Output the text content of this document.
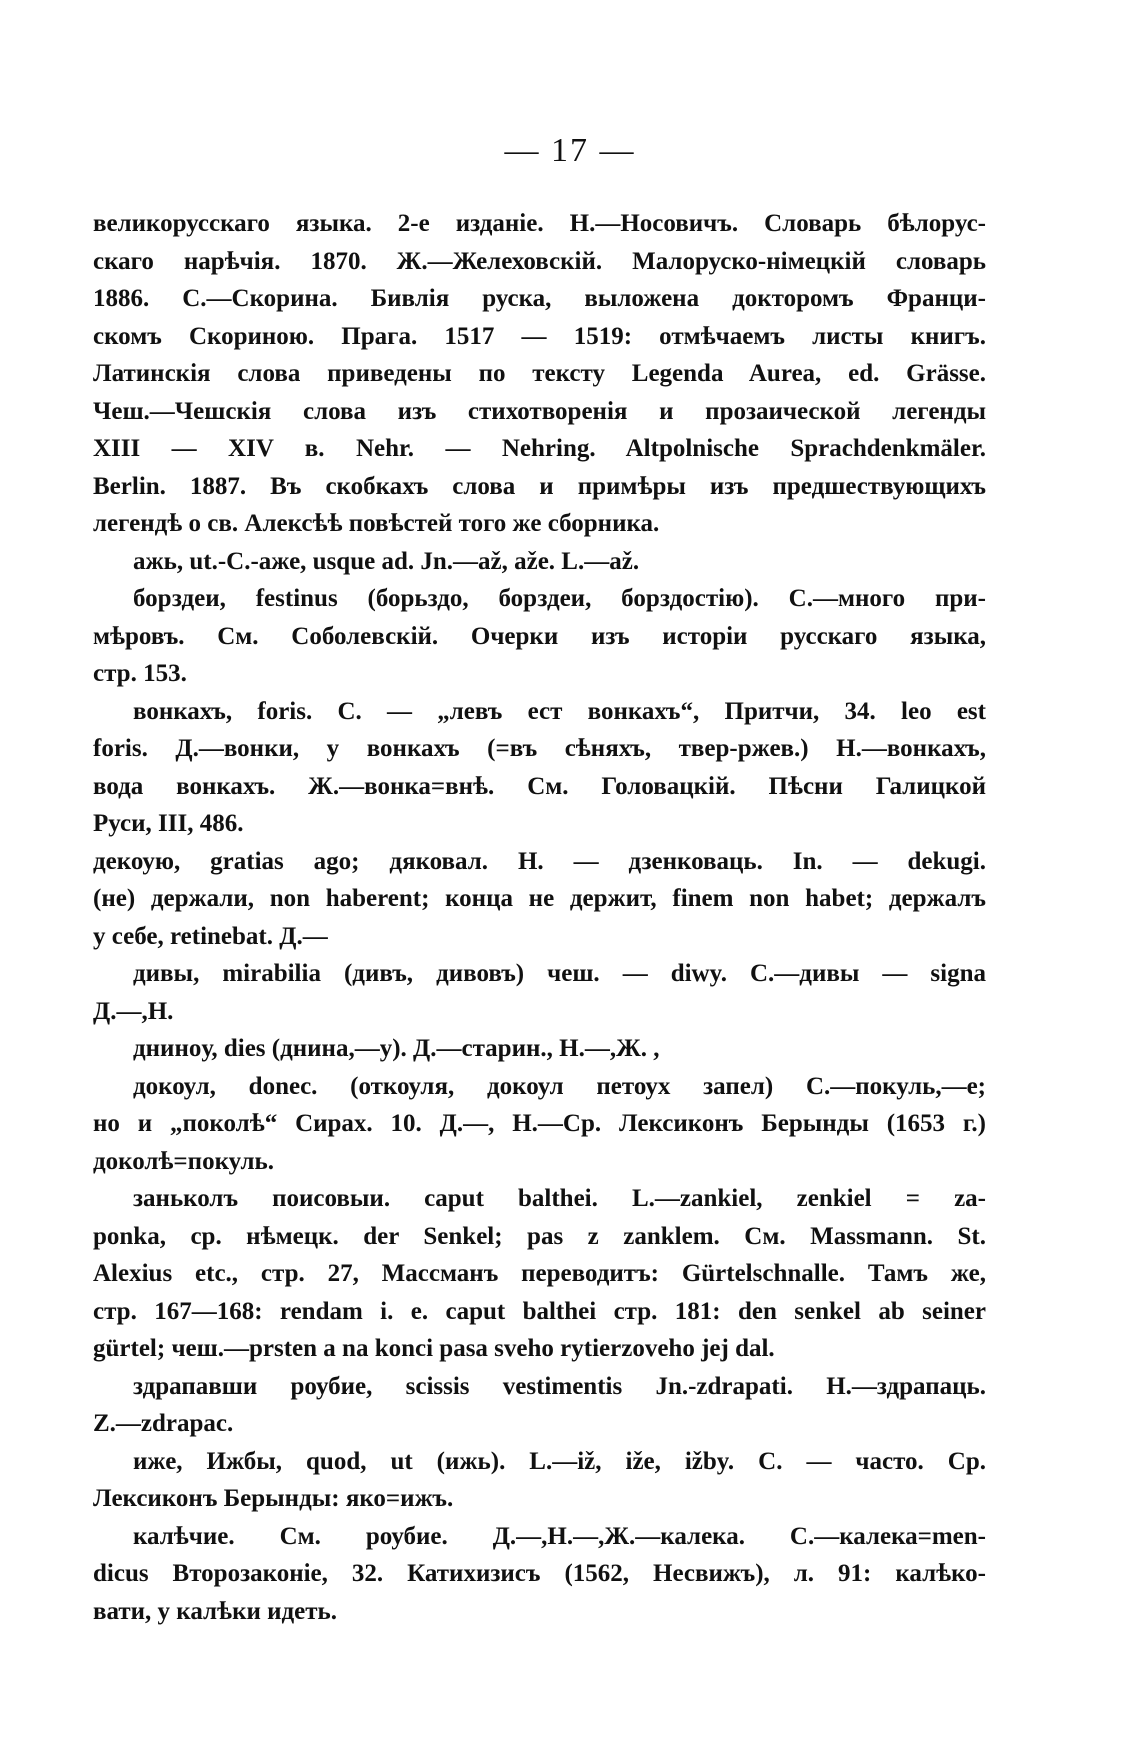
— 17 —
великорусскаго языка. 2-е изданіе. Н.—Носовичъ. Словарь бѣлорус-
скаго нарѣчія. 1870. Ж.—Желеховскій. Малоруско-нiмецкiй словарь
1886. С.—Скорина. Бивлiя руска, выложена докторомъ Франци-
скомъ Скориною. Прага. 1517 — 1519: отмѣчаемъ листы книгъ.
Латинскія слова приведены по тексту Legenda Aurea, ed. Grässe.
Чеш.—Чешскія слова изъ стихотворенія и прозаической легенды
XIII — XIV в. Nehr. — Nehring. Altpolnische Sprachdenkmäler.
Berlin. 1887. Въ скобкахъ слова и примѣры изъ предшествующихъ
легендѣ о св. Алексѣѣ повѣстей того же сборника.
ажь, ut.-C.-аже, usque ad. Jn.—až, aže. L.—až.
борздеи, festinus (борьздо, борздеи, борздостію). С.—много при-
мѣровъ. См. Соболевскій. Очерки изъ исторіи русскаго языка,
стр. 153.
вонкахъ, foris. С. — „левъ ест вонкахъ“, Притчи, 34. leo est
foris. Д.—вонки, у вонкахъ (=въ сѣняхъ, твер-ржев.) Н.—вонкахъ,
вода вонкахъ. Ж.—вонка=внѣ. См. Головацкій. Пѣсни Галицкой
Руси, III, 486.
декоую, gratias ago; дяковал. Н. — дзенковаць. In. — dekugi.
(не) держали, non haberent; конца не держит, finem non habet; держалъ
у себе, retinebat. Д.—
дивы, mirabilia (дивъ, дивовъ) чеш. — diwy. С.—дивы — signa
Д.—,Н.
днинoу, dies (днина,—у). Д.—старин., Н.—,Ж. ,
докоул, donec. (откоуля, докоул петоух запел) С.—покуль,—е;
но и „поколѣ“ Сирах. 10. Д.—, Н.—Ср. Лексиконъ Берынды (1653 г.)
доколѣ=покуль.
заньколъ поисовыи. caput balthei. L.—zankiel, zenkiel = za-
ponka, ср. нѣмецк. der Senkel; pas z zanklem. См. Massmann. St.
Alexius etc., стр. 27, Массманъ переводитъ: Gürtelschnalle. Тамъ же,
стр. 167—168: rendam i. e. caput balthei стр. 181: den senkel ab seiner
gürtel; чеш.—prsten a na konci pasa sveho rytierzoveho jej dal.
здрапавши роубие, scissis vestimentis Jn.-zdrapati. Н.—здрапаць.
Z.—zdrapac.
иже, Ижбы, quod, ut (ижь). L.—iž, iže, ižby. С. — часто. Ср.
Лексиконъ Берынды: яко=ижъ.
калѣчие. См. роубие. Д.—,Н.—,Ж.—калека. С.—калека=men-
dicus Второзаконіе, 32. Катихизисъ (1562, Несвижъ), л. 91: калѣко-
вати, у калѣки идеть.
